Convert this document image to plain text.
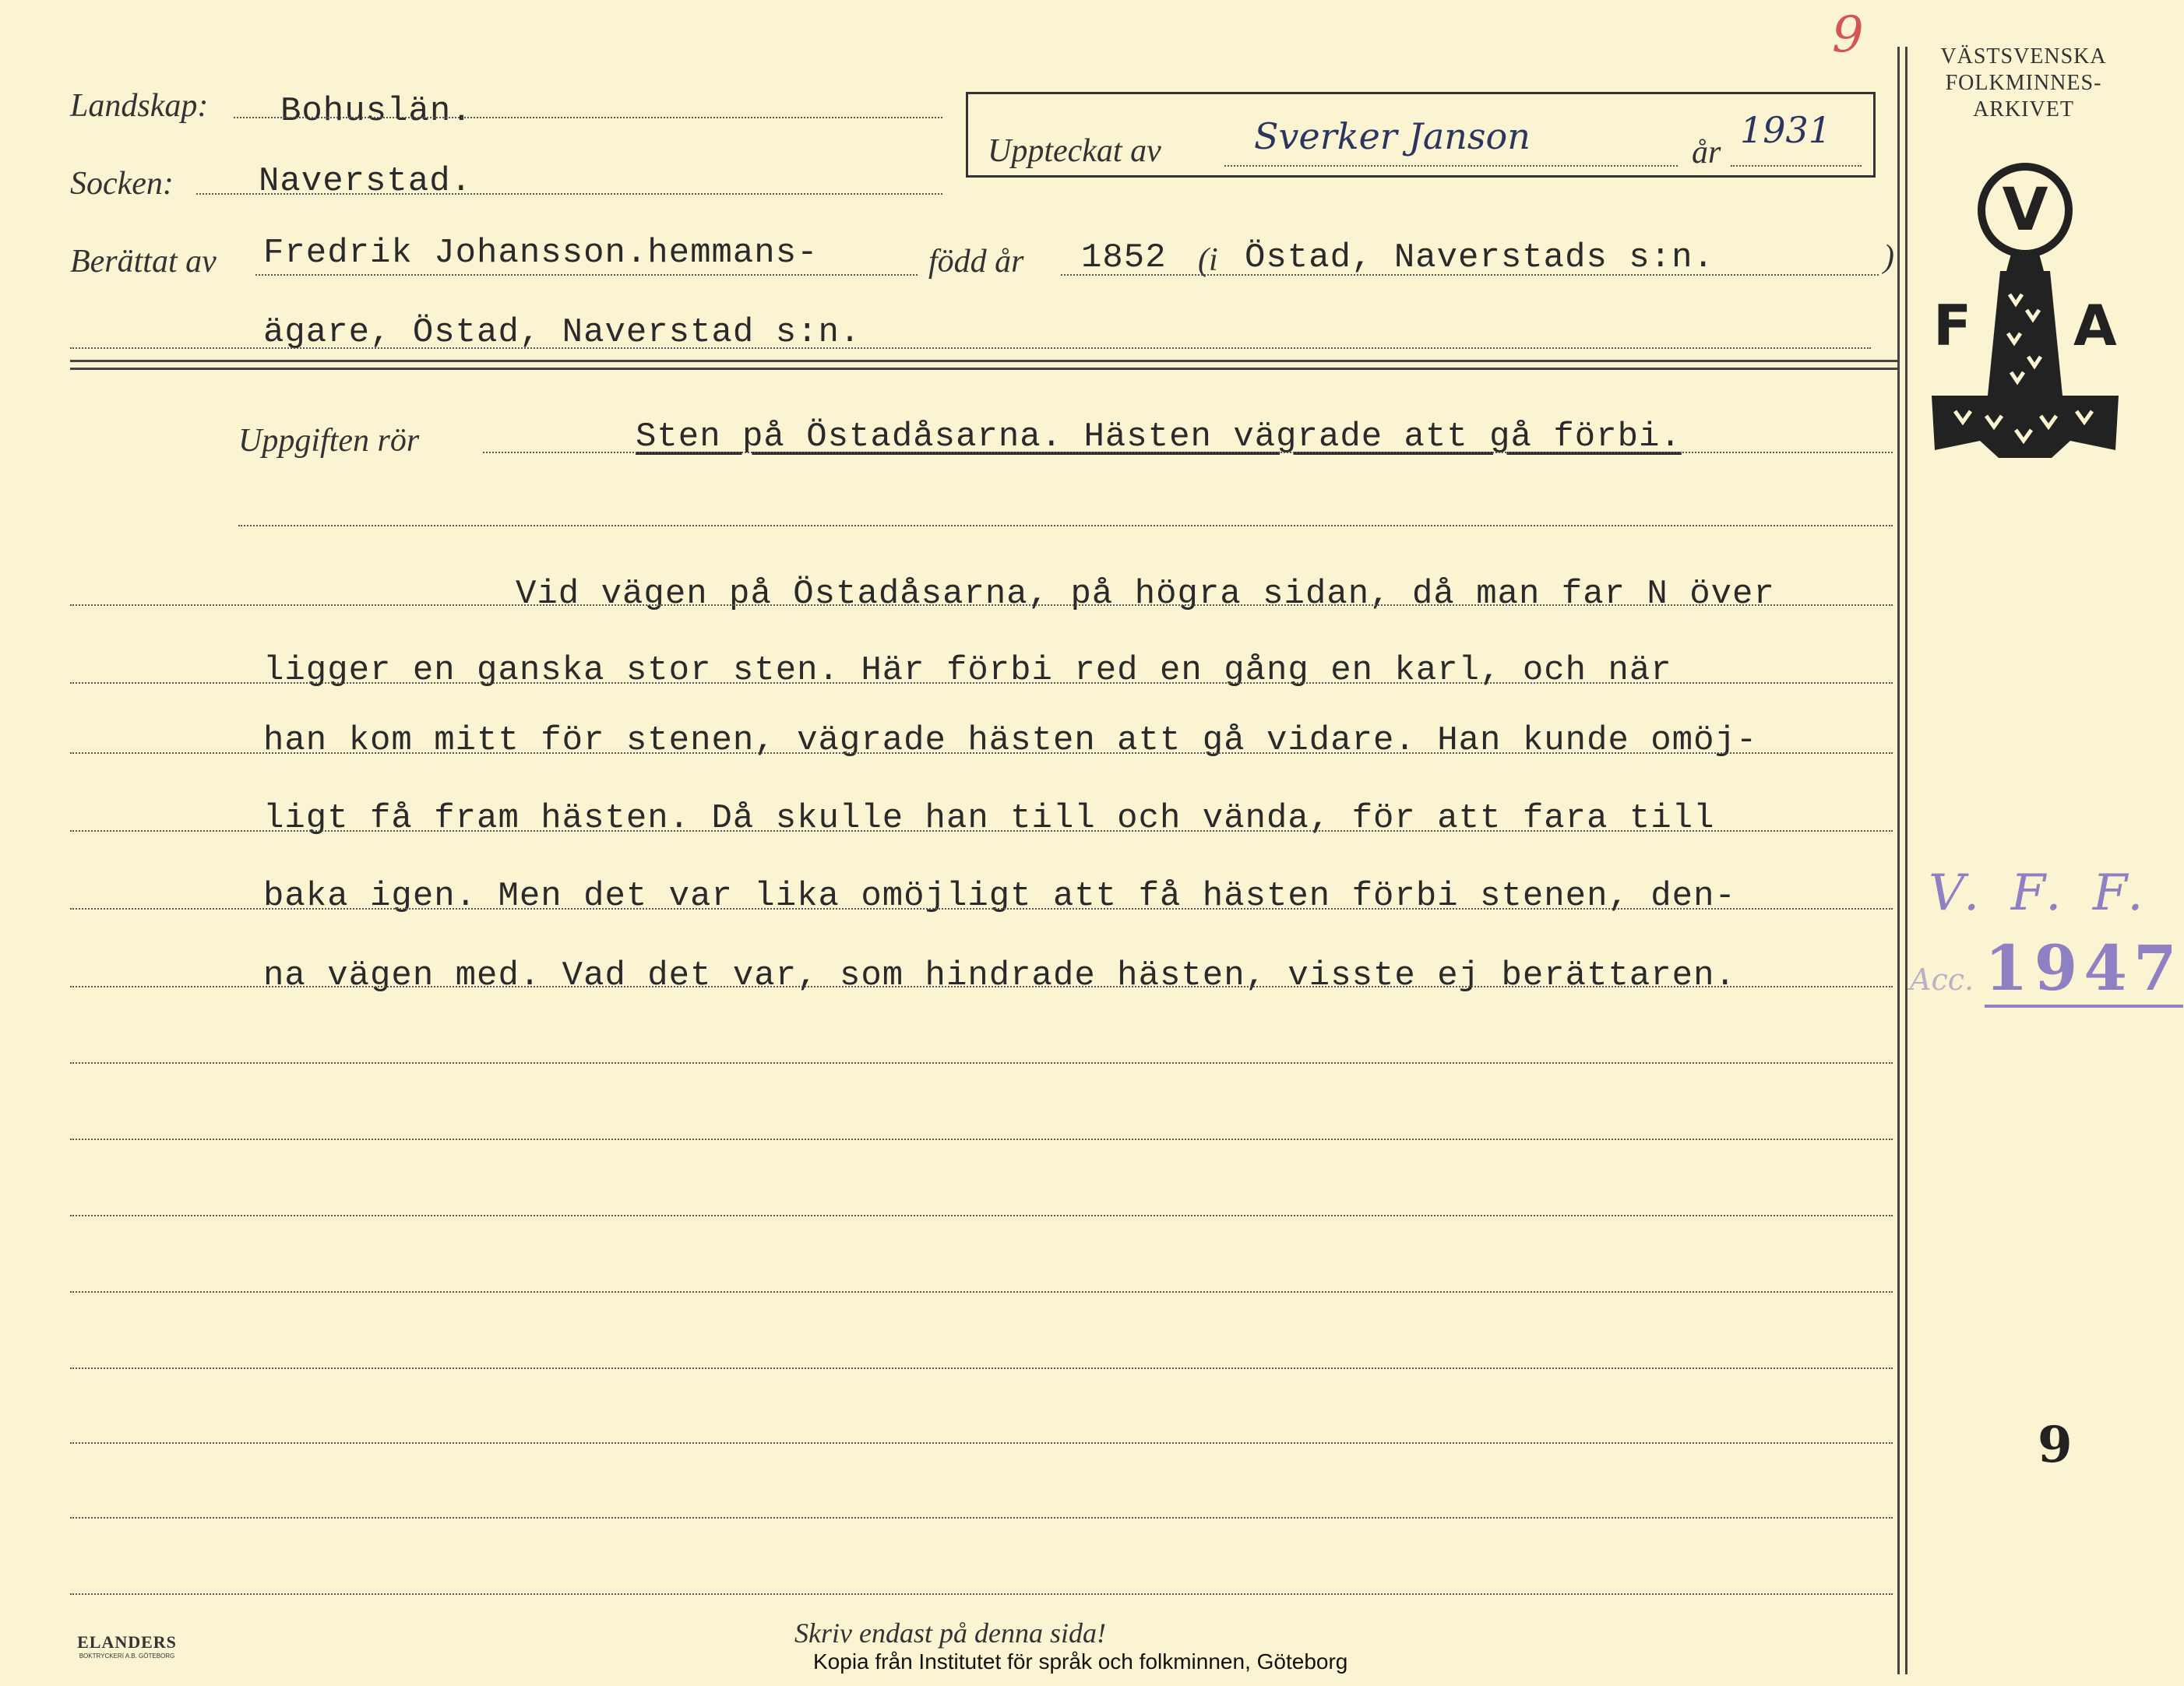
9
Landskap: Bohuslän.
Socken: Naverstad.
Uppteckat av	Sverker Janson	år
1931
Berättat av Fredrik Johansson.hemmans-	född år 1852 (i Östad, Naverstads s:n.	)
ägare, Östad, Naverstad s:n.
Uppgiften rör	Sten på Östadåsarna. Hästen vägrade att gå förbi.
Vid vägen på Östadåsarna, på högra sidan, då man far N över
ligger en ganska stor sten. Här förbi red en gång en karl, och när
han kom mitt för stenen, vägrade hästen att gå vidare. Han kunde omöj-
ligt få fram hästen. Då skulle han till och vända, för att fara till
baka igen. Men det var lika omöjligt att få hästen förbi stenen, den-
na vägen med. Vad det var, som hindrade hästen, visste ej berättaren.
VÄSTSVENSKA
FOLKMINNES-
ARKIVET
V
F A
V. F. F.
Acc. 1947
9
ELANDERS
BOKTRYCKERI A.B. GÖTEBORG
Skriv endast på denna sida!
Kopia från Institutet för språk och folkminnen, Göteborg
